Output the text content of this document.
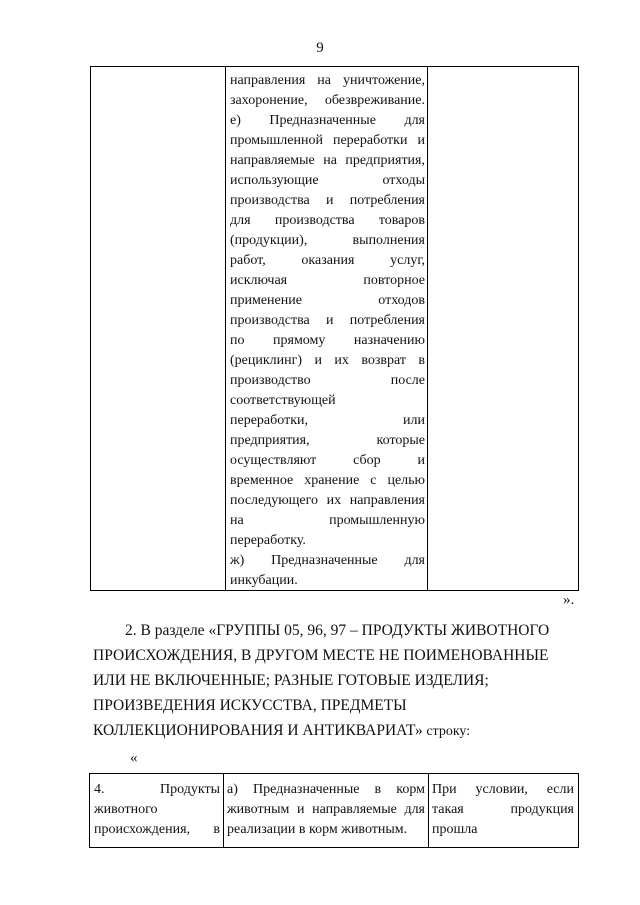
9
направления на уничтожение,
захоронение, обезвреживание.
е) Предназначенные для
промышленной переработки и
направляемые на предприятия,
использующие отходы
производства и потребления
для производства товаров
(продукции), выполнения
работ, оказания услуг,
исключая повторное
применение отходов
производства и потребления
по прямому назначению
(рециклинг) и их возврат в
производство после
соответствующей
переработки, или
предприятия, которые
осуществляют сбор и
временное хранение с целью
последующего их направления
на промышленную
переработку.
ж) Предназначенные для
инкубации.
».
2. В разделе «ГРУППЫ 05, 96, 97 – ПРОДУКТЫ ЖИВОТНОГО
ПРОИСХОЖДЕНИЯ, В ДРУГОМ МЕСТЕ НЕ ПОИМЕНОВАННЫЕ
ИЛИ НЕ ВКЛЮЧЕННЫЕ; РАЗНЫЕ ГОТОВЫЕ ИЗДЕЛИЯ;
ПРОИЗВЕДЕНИЯ ИСКУССТВА, ПРЕДМЕТЫ
КОЛЛЕКЦИОНИРОВАНИЯ И АНТИКВАРИАТ» строку:
«
4. Продукты
животного
происхождения, в
а) Предназначенные в корм
животным и направляемые для
реализации в корм животным.
При условии, если
такая продукция
прошла
